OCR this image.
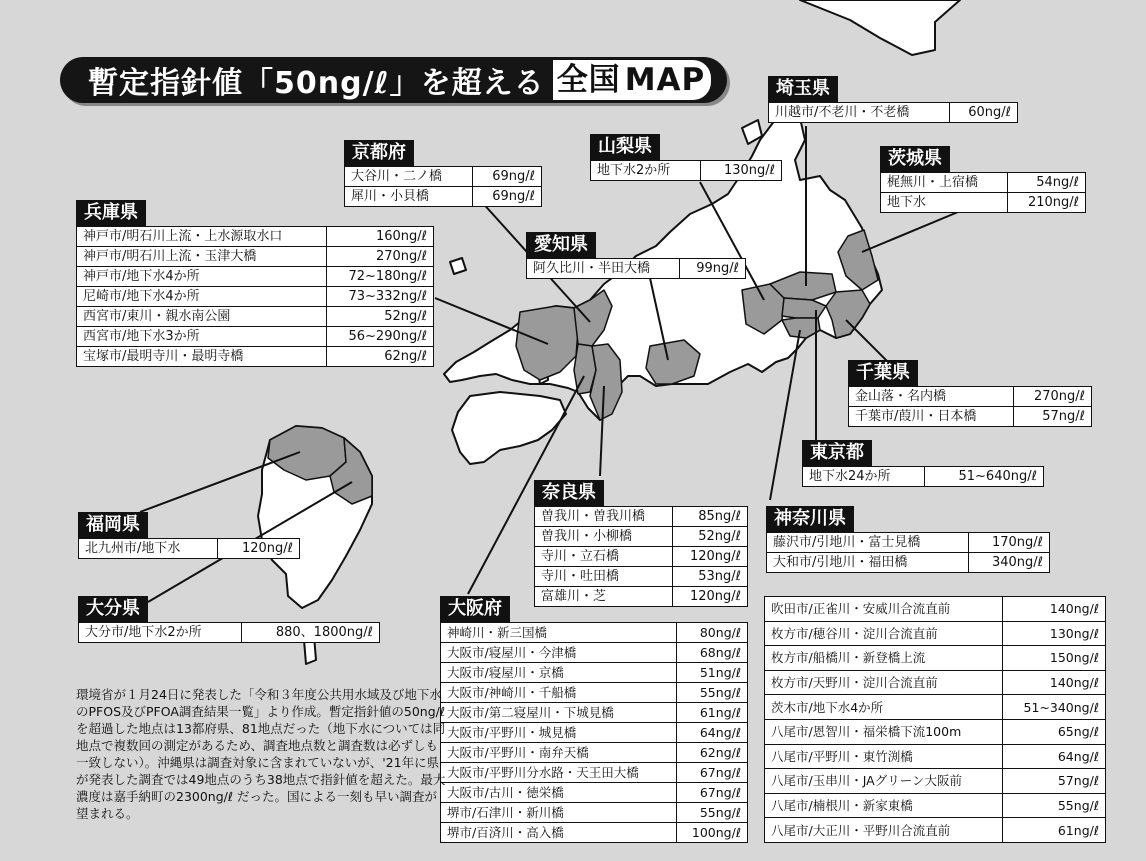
暫定指針値「50ng/ℓ」を超える 全国 MAP
兵庫県
神戸市/明石川上流・上水源取水口	160ng/ℓ
神戸市/明石川上流・玉津大橋	270ng/ℓ
神戸市/地下水4か所	72~180ng/ℓ
尼崎市/地下水4か所	73~332ng/ℓ
西宮市/東川・親水南公園	52ng/ℓ
西宮市/地下水3か所	56~290ng/ℓ
宝塚市/最明寺川・最明寺橋	62ng/ℓ
京都府
大谷川・二ノ橋	69ng/ℓ
犀川・小貝橋	69ng/ℓ
山梨県
地下水2か所	130ng/ℓ
愛知県
阿久比川・半田大橋	99ng/ℓ
埼玉県
川越市/不老川・不老橋	60ng/ℓ
茨城県
梶無川・上宿橋	54ng/ℓ
地下水	210ng/ℓ
千葉県
金山落・名内橋	270ng/ℓ
千葉市/葭川・日本橋	57ng/ℓ
東京都
地下水24か所	51~640ng/ℓ
神奈川県
藤沢市/引地川・富士見橋	170ng/ℓ
大和市/引地川・福田橋	340ng/ℓ
奈良県
曽我川・曽我川橋	85ng/ℓ
曽我川・小柳橋	52ng/ℓ
寺川・立石橋	120ng/ℓ
寺川・吐田橋	53ng/ℓ
富雄川・芝	120ng/ℓ
福岡県
北九州市/地下水	120ng/ℓ
大分県
大分市/地下水2か所	880、1800ng/ℓ
大阪府
神崎川・新三国橋	80ng/ℓ
大阪市/寝屋川・今津橋	68ng/ℓ
大阪市/寝屋川・京橋	51ng/ℓ
大阪市/神崎川・千船橋	55ng/ℓ
大阪市/第二寝屋川・下城見橋	61ng/ℓ
大阪市/平野川・城見橋	64ng/ℓ
大阪市/平野川・南弁天橋	62ng/ℓ
大阪市/平野川分水路・天王田大橋	67ng/ℓ
大阪市/古川・徳栄橋	67ng/ℓ
堺市/石津川・新川橋	55ng/ℓ
堺市/百済川・高入橋	100ng/ℓ
吹田市/正雀川・安威川合流直前	140ng/ℓ
枚方市/穂谷川・淀川合流直前	130ng/ℓ
枚方市/船橋川・新登橋上流	150ng/ℓ
枚方市/天野川・淀川合流直前	140ng/ℓ
茨木市/地下水4か所	51~340ng/ℓ
八尾市/恩智川・福栄橋下流100m	65ng/ℓ
八尾市/平野川・東竹渕橋	64ng/ℓ
八尾市/玉串川・JAグリーン大阪前	57ng/ℓ
八尾市/楠根川・新家東橋	55ng/ℓ
八尾市/大正川・平野川合流直前	61ng/ℓ
環境省が１月24日に発表した「令和３年度公共用水域及び地下水のPFOS及びPFOA調査結果一覧」より作成。暫定指針値の50ng/ℓ を超過した地点は13都府県、81地点だった（地下水については同地点で複数回の測定があるため、調査地点数と調査数は必ずしも一致しない）。沖縄県は調査対象に含まれていないが、'21年に県が発表した調査では49地点のうち38地点で指針値を超えた。最大濃度は嘉手納町の2300ng/ℓ だった。国による一刻も早い調査が望まれる。
